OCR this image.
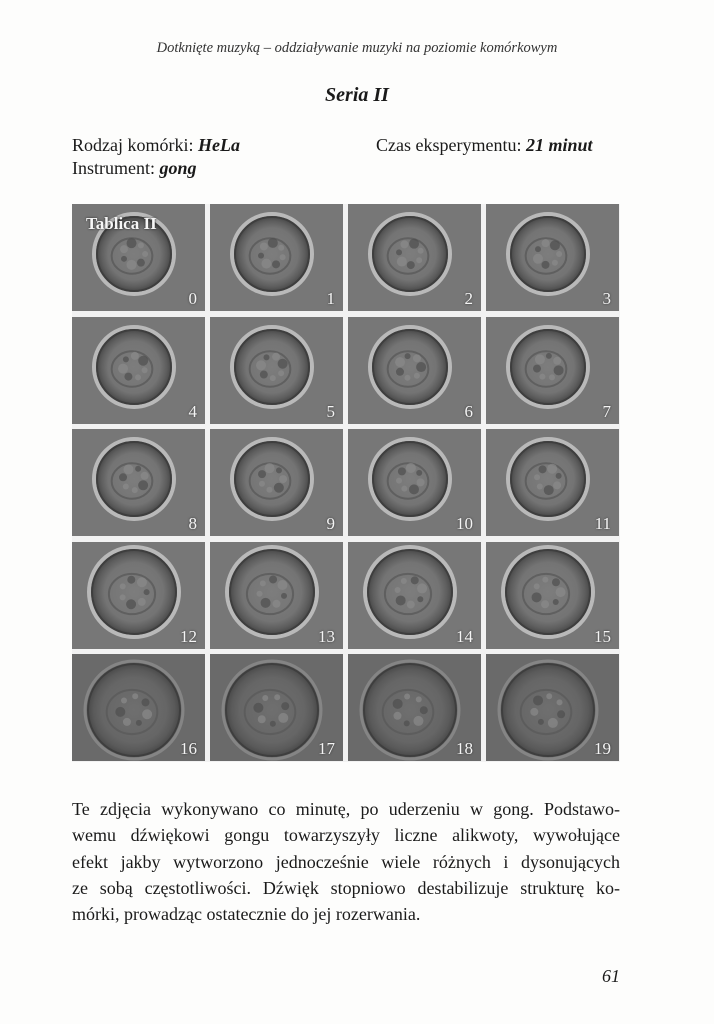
Dotknięte muzyką – oddziaływanie muzyki na poziomie komórkowym
Seria II
Rodzaj komórki: HeLa	Czas eksperymentu: 21 minut
Instrument: gong
Tablica II
0	1	2	3
4	5	6	7
8	9	10	11
12	13	14	15
16	17	18	19
Te zdjęcia wykonywano co minutę, po uderzeniu w gong. Podstawo-
wemu dźwiękowi gongu towarzyszyły liczne alikwoty, wywołujące
efekt jakby wytworzono jednocześnie wiele różnych i dysonujących
ze sobą częstotliwości. Dźwięk stopniowo destabilizuje strukturę ko-
mórki, prowadząc ostatecznie do jej rozerwania.
61
